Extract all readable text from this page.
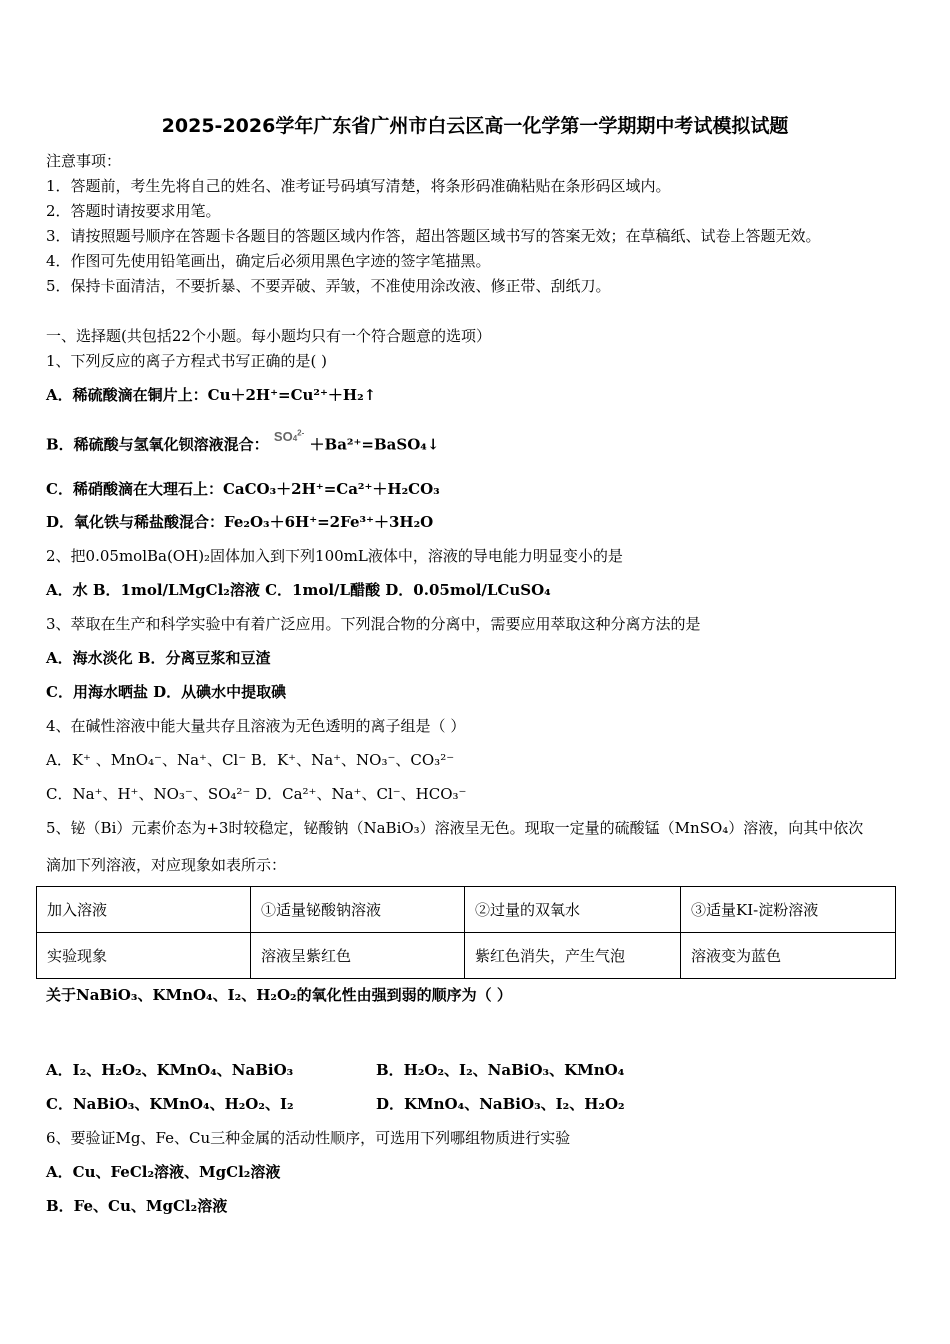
2025-2026学年广东省广州市白云区高一化学第一学期期中考试模拟试题
注意事项：
1．答题前，考生先将自己的姓名、准考证号码填写清楚，将条形码准确粘贴在条形码区域内。
2．答题时请按要求用笔。
3．请按照题号顺序在答题卡各题目的答题区域内作答，超出答题区域书写的答案无效；在草稿纸、试卷上答题无效。
4．作图可先使用铅笔画出，确定后必须用黑色字迹的签字笔描黑。
5．保持卡面清洁，不要折暴、不要弄破、弄皱，不准使用涂改液、修正带、刮纸刀。
一、选择题(共包括22个小题。每小题均只有一个符合题意的选项）
1、下列反应的离子方程式书写正确的是( )
A．稀硫酸滴在铜片上：Cu＋2H⁺=Cu²⁺＋H₂↑
B．稀硫酸与氢氧化钡溶液混合： $SO4^{2-}$ ＋Ba²⁺=BaSO₄↓
C．稀硝酸滴在大理石上：CaCO₃＋2H⁺=Ca²⁺＋H₂CO₃
D．氧化铁与稀盐酸混合：Fe₂O₃＋6H⁺=2Fe³⁺＋3H₂O
2、把0.05molBa(OH)₂固体加入到下列100mL液体中，溶液的导电能力明显变小的是
A．水 B．1mol/LMgCl₂溶液 C．1mol/L醋酸 D．0.05mol/LCuSO₄
3、萃取在生产和科学实验中有着广泛应用。下列混合物的分离中，需要应用萃取这种分离方法的是
A．海水淡化 B．分离豆浆和豆渣
C．用海水晒盐 D．从碘水中提取碘
4、在碱性溶液中能大量共存且溶液为无色透明的离子组是（ ）
A．K⁺ 、MnO₄⁻、Na⁺、Cl⁻ B．K⁺、Na⁺、NO₃⁻、CO₃²⁻
C．Na⁺、H⁺、NO₃⁻、SO₄²⁻ D．Ca²⁺、Na⁺、Cl⁻、HCO₃⁻
5、铋（Bi）元素价态为+3时较稳定，铋酸钠（NaBiO₃）溶液呈无色。现取一定量的硫酸锰（MnSO₄）溶液，向其中依次
滴加下列溶液，对应现象如表所示：
加入溶液	①适量铋酸钠溶液	②过量的双氧水	③适量KI-淀粉溶液
实验现象	溶液呈紫红色	紫红色消失，产生气泡	溶液变为蓝色
关于NaBiO₃、KMnO₄、I₂、H₂O₂的氧化性由强到弱的顺序为（ ）
A．I₂、H₂O₂、KMnO₄、NaBiO₃	B．H₂O₂、I₂、NaBiO₃、KMnO₄
C．NaBiO₃、KMnO₄、H₂O₂、I₂	D．KMnO₄、NaBiO₃、I₂、H₂O₂
6、要验证Mg、Fe、Cu三种金属的活动性顺序，可选用下列哪组物质进行实验
A．Cu、FeCl₂溶液、MgCl₂溶液
B．Fe、Cu、MgCl₂溶液
